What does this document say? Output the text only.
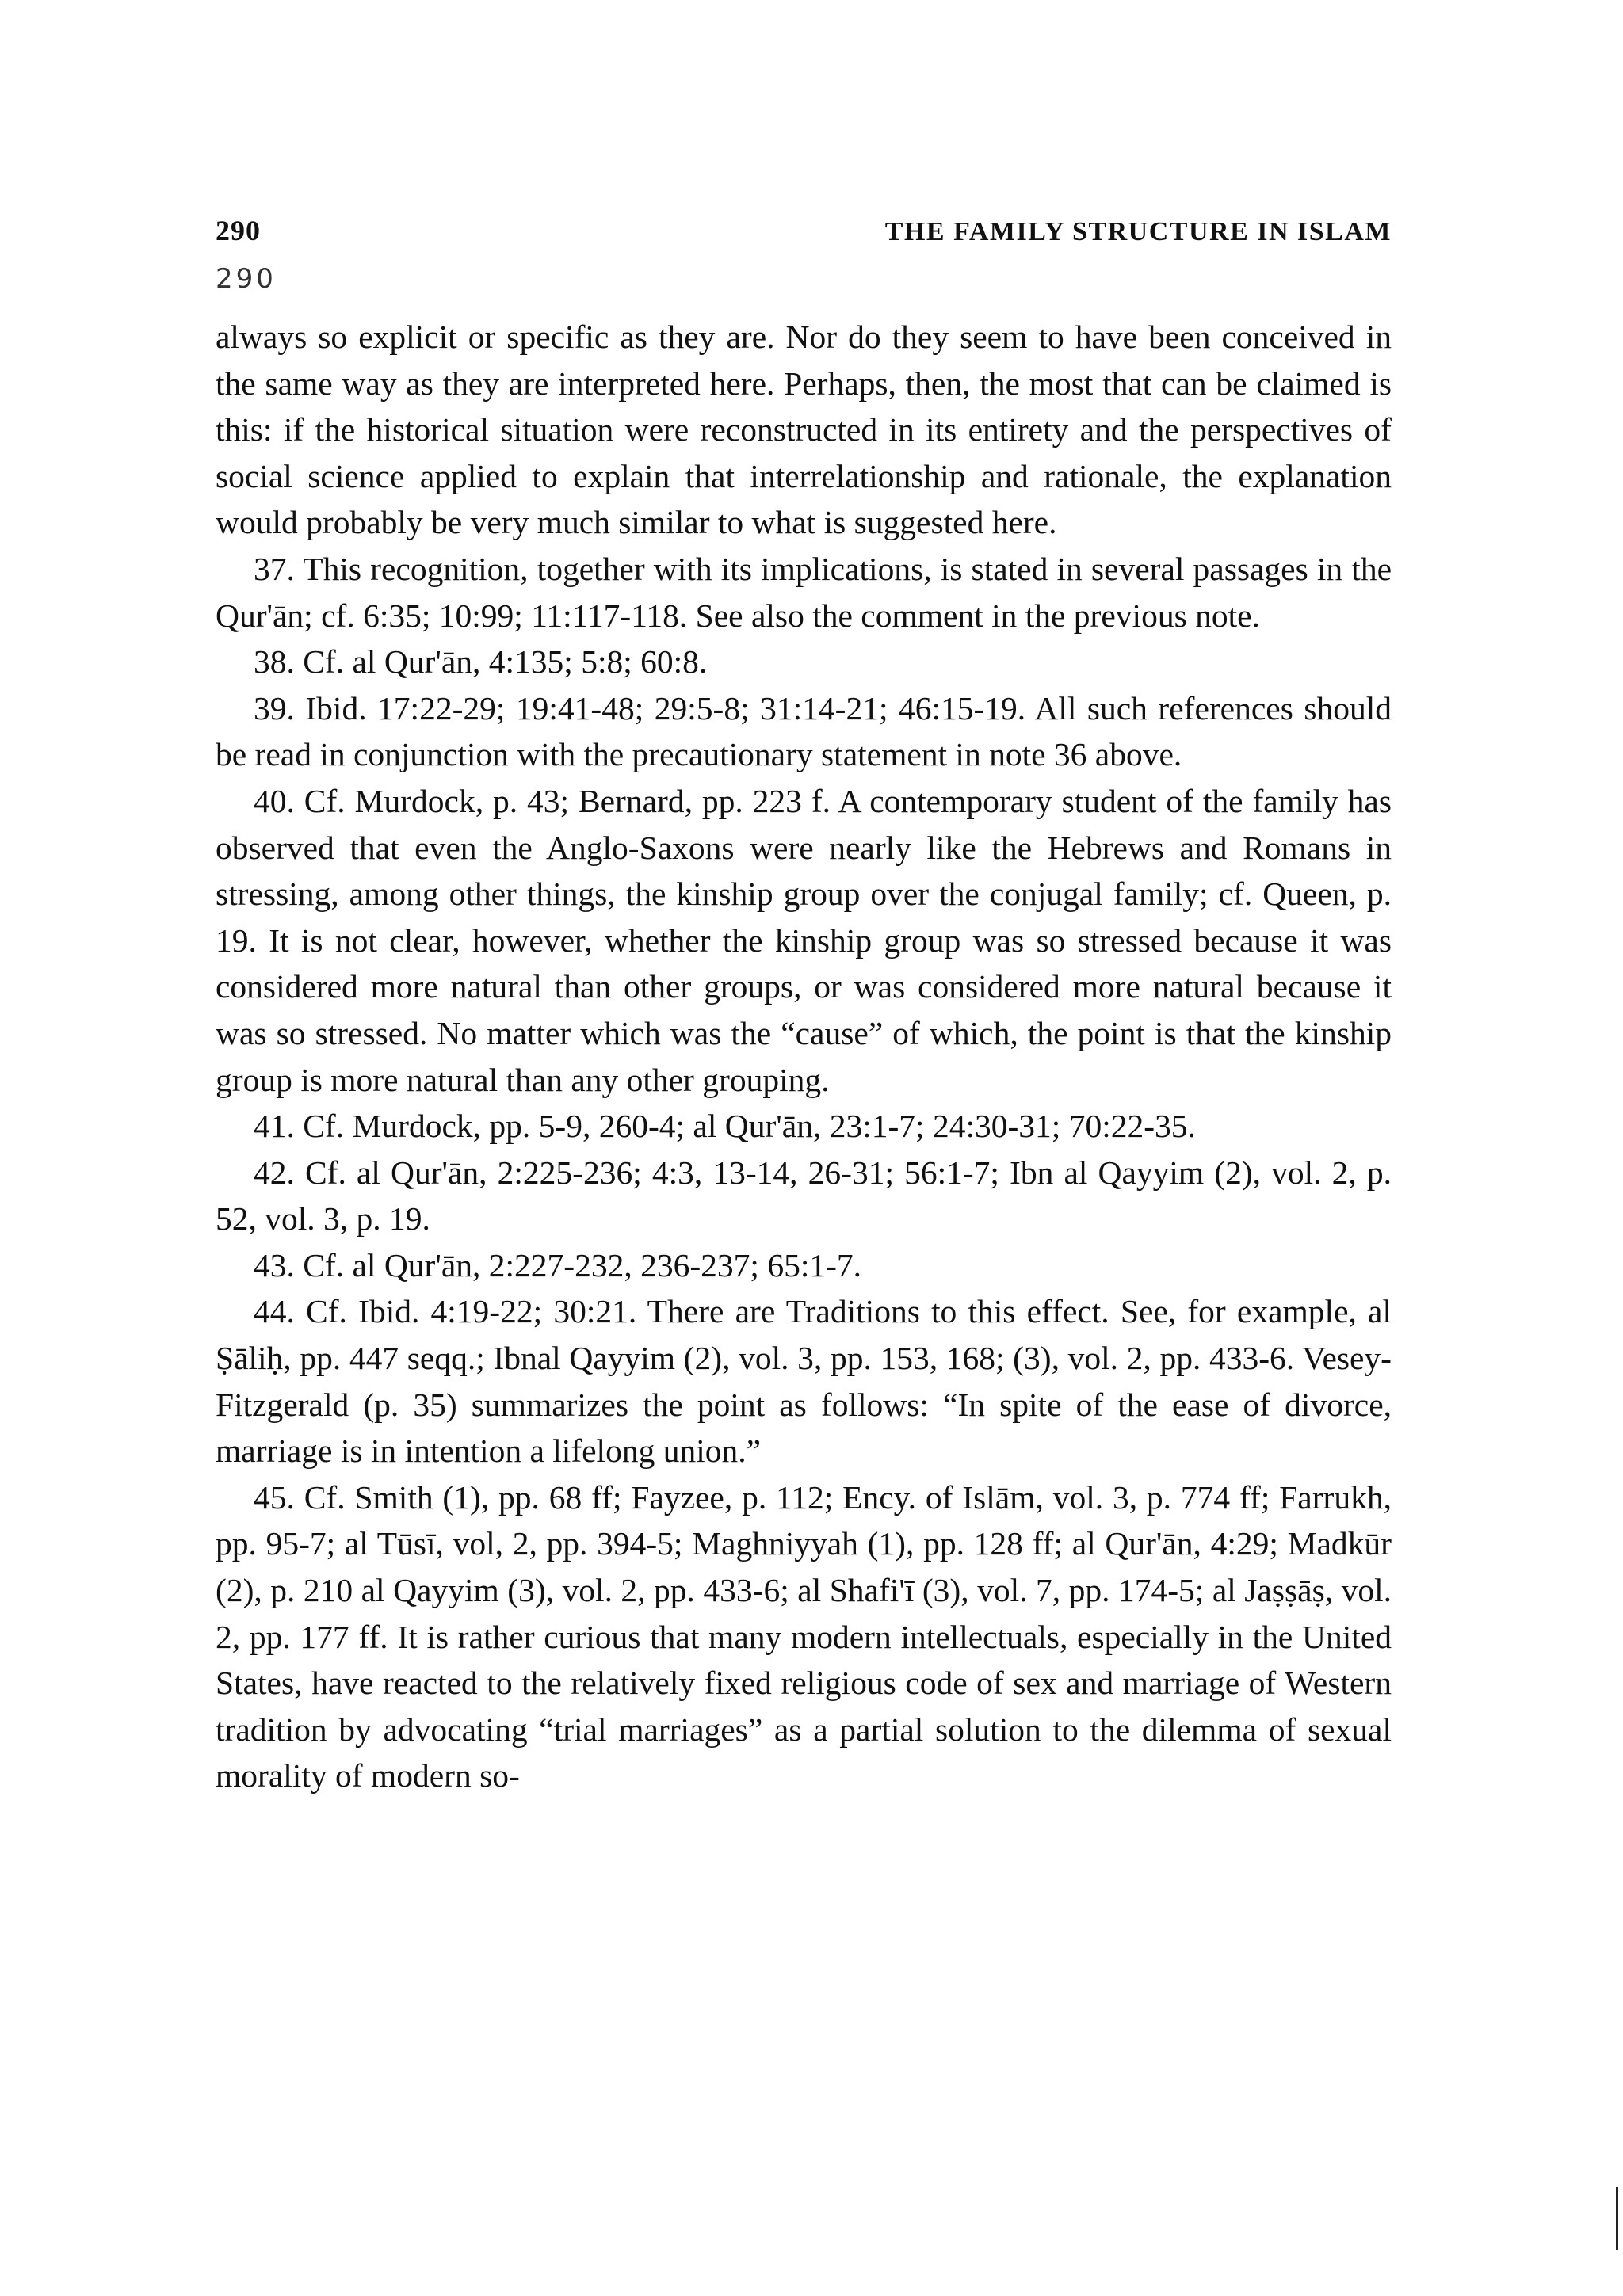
290	THE FAMILY STRUCTURE IN ISLAM
290

always so explicit or specific as they are. Nor do they seem to have been conceived in the same way as they are interpreted here. Perhaps, then, the most that can be claimed is this: if the historical situation were reconstructed in its entirety and the perspectives of social science applied to explain that interrelationship and rationale, the explanation would probably be very much similar to what is suggested here.

37. This recognition, together with its implications, is stated in several passages in the Qur'ān; cf. 6:35; 10:99; 11:117-118. See also the comment in the previous note.

38. Cf. al Qur'ān, 4:135; 5:8; 60:8.

39. Ibid. 17:22-29; 19:41-48; 29:5-8; 31:14-21; 46:15-19. All such references should be read in conjunction with the precautionary statement in note 36 above.

40. Cf. Murdock, p. 43; Bernard, pp. 223 f. A contemporary student of the family has observed that even the Anglo-Saxons were nearly like the Hebrews and Romans in stressing, among other things, the kinship group over the conjugal family; cf. Queen, p. 19. It is not clear, however, whether the kinship group was so stressed because it was considered more natural than other groups, or was considered more natural because it was so stressed. No matter which was the “cause” of which, the point is that the kinship group is more natural than any other grouping.

41. Cf. Murdock, pp. 5-9, 260-4; al Qur'ān, 23:1-7; 24:30-31; 70:22-35.

42. Cf. al Qur'ān, 2:225-236; 4:3, 13-14, 26-31; 56:1-7; Ibn al Qayyim (2), vol. 2, p. 52, vol. 3, p. 19.

43. Cf. al Qur'ān, 2:227-232, 236-237; 65:1-7.

44. Cf. Ibid. 4:19-22; 30:21. There are Traditions to this effect. See, for example, al Ṣāliḥ, pp. 447 seqq.; Ibnal Qayyim (2), vol. 3, pp. 153, 168; (3), vol. 2, pp. 433-6. Vesey-Fitzgerald (p. 35) summarizes the point as follows: “In spite of the ease of divorce, marriage is in intention a lifelong union.”

45. Cf. Smith (1), pp. 68 ff; Fayzee, p. 112; Ency. of Islām, vol. 3, p. 774 ff; Farrukh, pp. 95-7; al Tūsī, vol, 2, pp. 394-5; Maghniyyah (1), pp. 128 ff; al Qur'ān, 4:29; Madkūr (2), p. 210 al Qayyim (3), vol. 2, pp. 433-6; al Shafi'ī (3), vol. 7, pp. 174-5; al Jaṣṣāṣ, vol. 2, pp. 177 ff. It is rather curious that many modern intellectuals, especially in the United States, have reacted to the relatively fixed religious code of sex and marriage of Western tradition by advocating “trial marriages” as a partial solution to the dilemma of sexual morality of modern so-
